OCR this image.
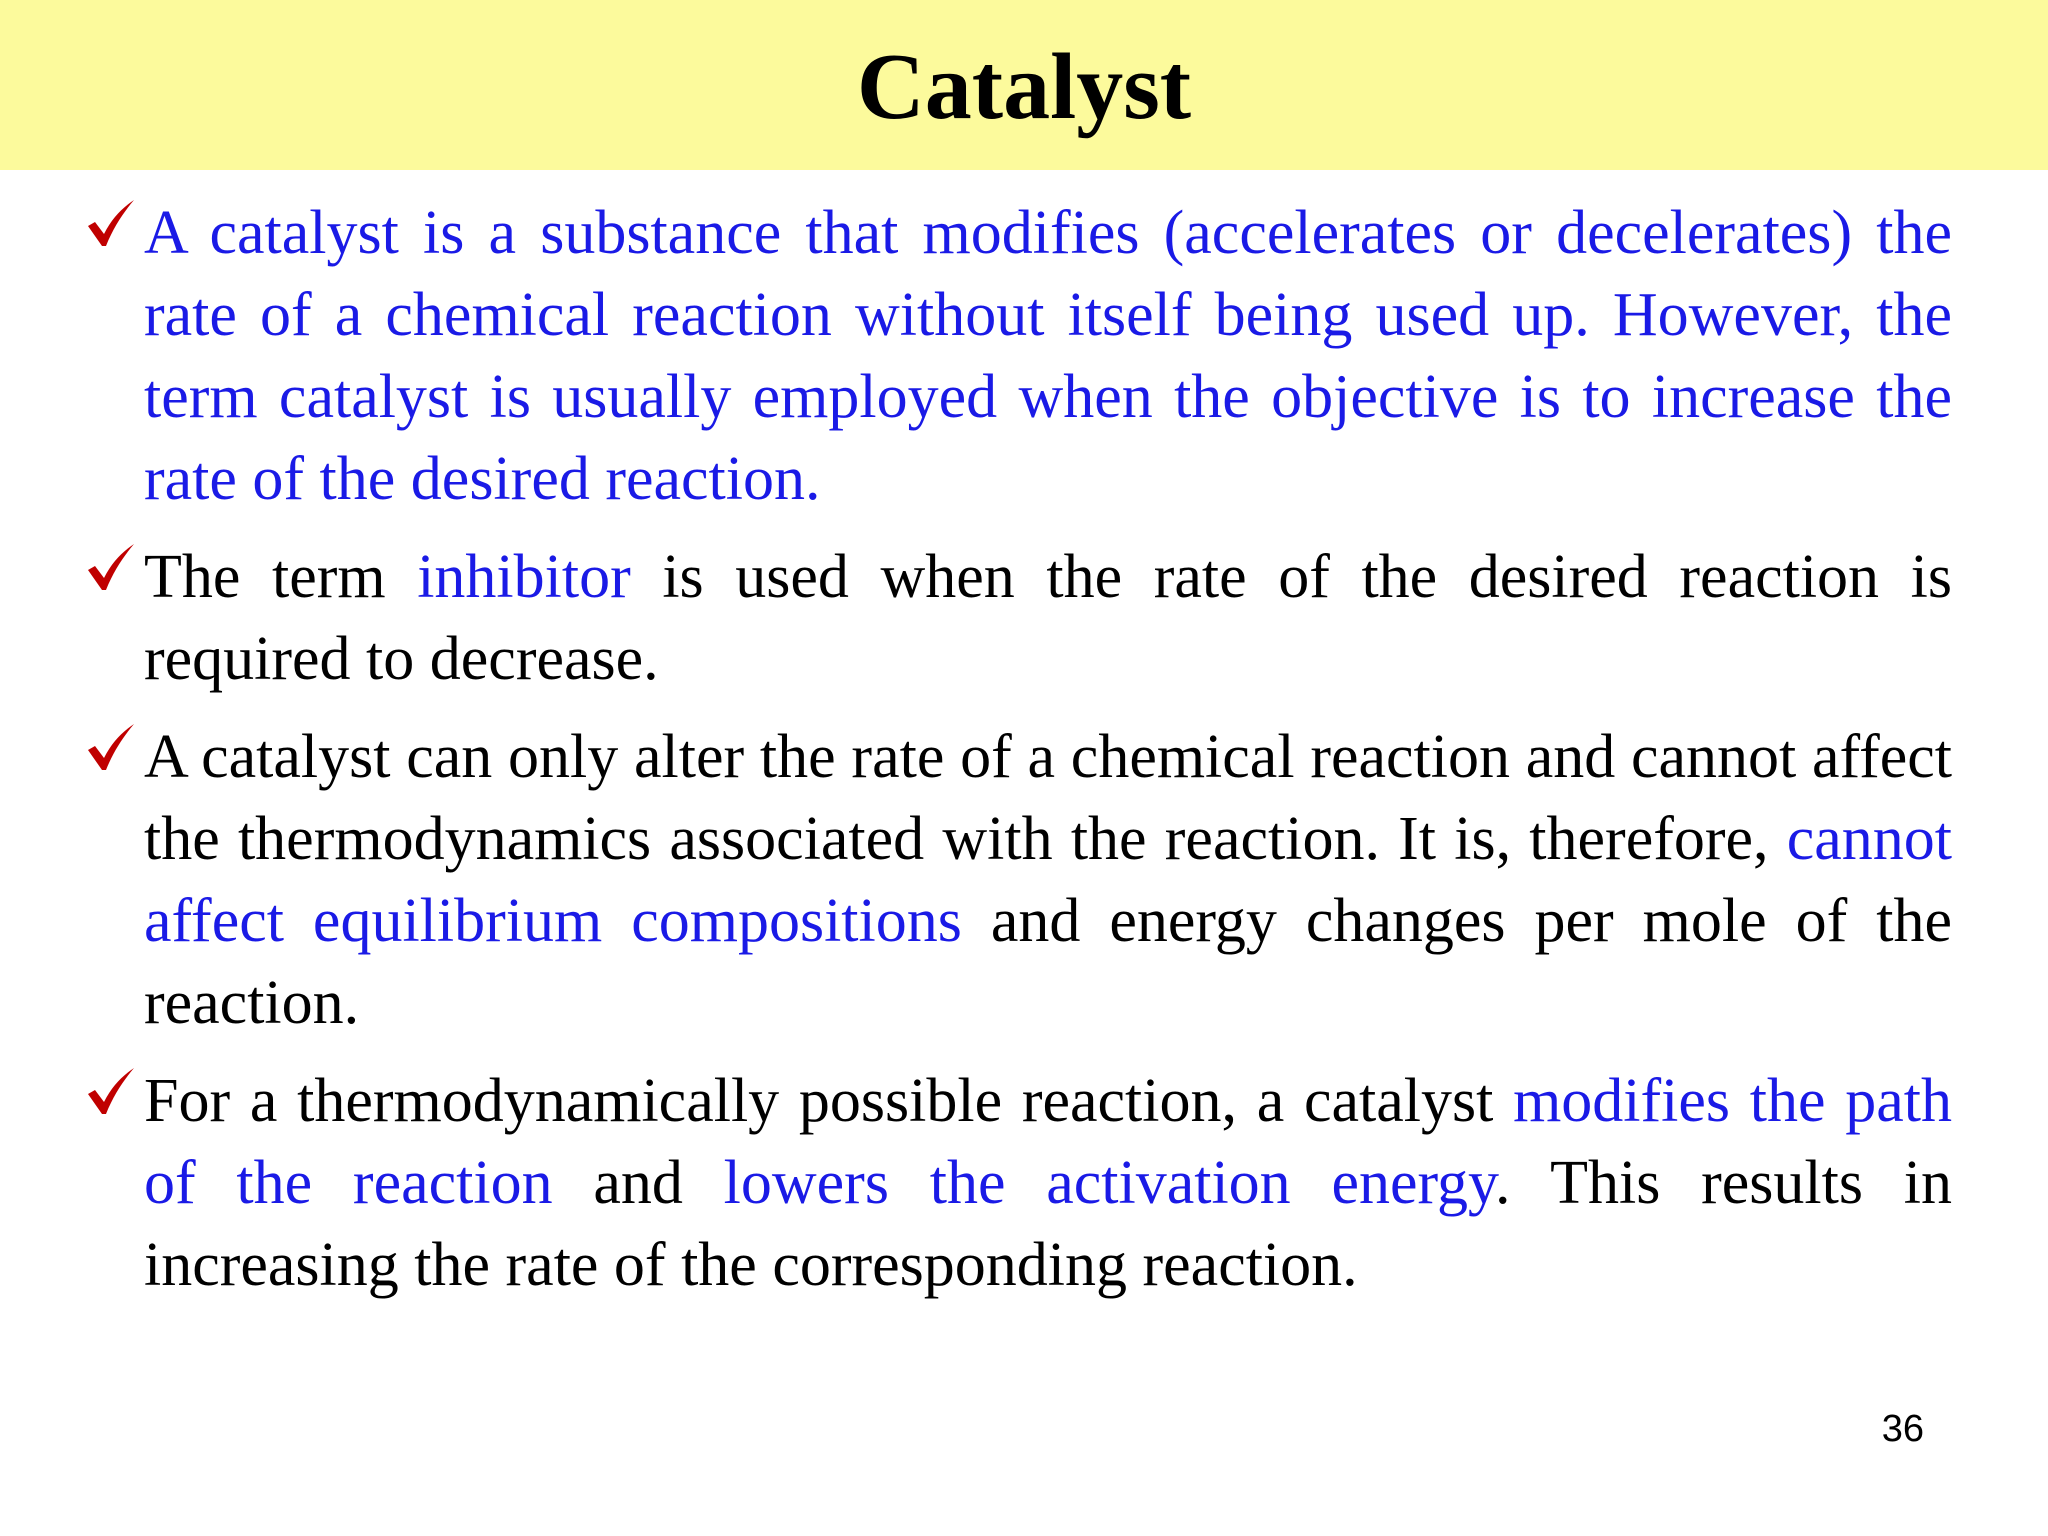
Catalyst
A catalyst is a substance that modifies (accelerates or decelerates) the rate of a chemical reaction without itself being used up. However, the term catalyst is usually employed when the objective is to increase the rate of the desired reaction.
The term inhibitor is used when the rate of the desired reaction is required to decrease.
A catalyst can only alter the rate of a chemical reaction and cannot affect the thermodynamics associated with the reaction. It is, therefore, cannot affect equilibrium compositions and energy changes per mole of the reaction.
For a thermodynamically possible reaction, a catalyst modifies the path of the reaction and lowers the activation energy. This results in increasing the rate of the corresponding reaction.
36
